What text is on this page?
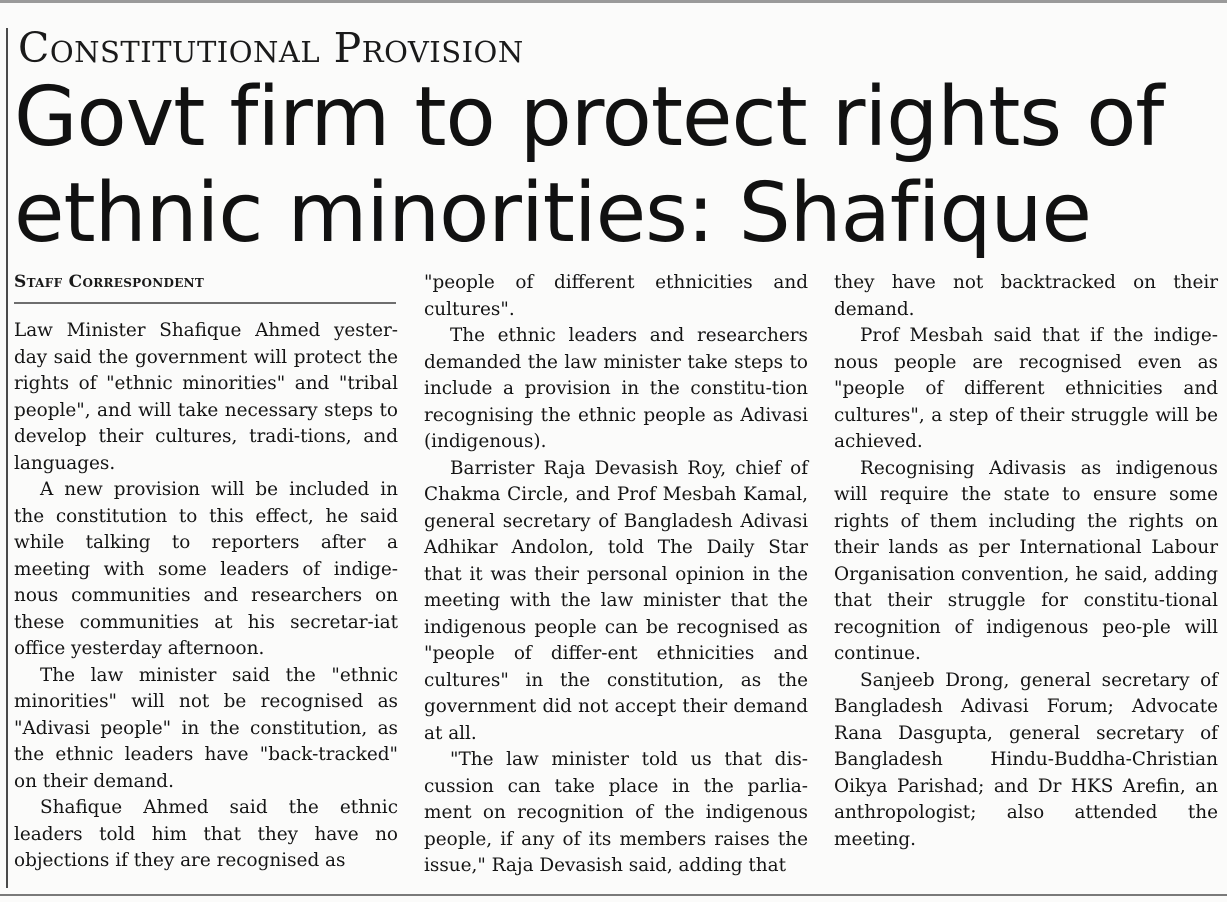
Constitutional Provision
Govt firm to protect rights of ethnic minorities: Shafique
Staff Correspondent

Law Minister Shafique Ahmed yester-day said the government will protect the rights of "ethnic minorities" and "tribal people", and will take necessary steps to develop their cultures, tradi-tions, and languages.

A new provision will be included in the constitution to this effect, he said while talking to reporters after a meeting with some leaders of indige-nous communities and researchers on these communities at his secretar-iat office yesterday afternoon.

The law minister said the "ethnic minorities" will not be recognised as "Adivasi people" in the constitution, as the ethnic leaders have "back-tracked" on their demand.

Shafique Ahmed said the ethnic leaders told him that they have no objections if they are recognised as

"people of different ethnicities and cultures".

The ethnic leaders and researchers demanded the law minister take steps to include a provision in the constitu-tion recognising the ethnic people as Adivasi (indigenous).

Barrister Raja Devasish Roy, chief of Chakma Circle, and Prof Mesbah Kamal, general secretary of Bangladesh Adivasi Adhikar Andolon, told The Daily Star that it was their personal opinion in the meeting with the law minister that the indigenous people can be recognised as "people of differ-ent ethnicities and cultures" in the constitution, as the government did not accept their demand at all.

"The law minister told us that dis-cussion can take place in the parlia-ment on recognition of the indigenous people, if any of its members raises the issue," Raja Devasish said, adding that

they have not backtracked on their demand.

Prof Mesbah said that if the indige-nous people are recognised even as "people of different ethnicities and cultures", a step of their struggle will be achieved.

Recognising Adivasis as indigenous will require the state to ensure some rights of them including the rights on their lands as per International Labour Organisation convention, he said, adding that their struggle for constitu-tional recognition of indigenous peo-ple will continue.

Sanjeeb Drong, general secretary of Bangladesh Adivasi Forum; Advocate Rana Dasgupta, general secretary of Bangladesh Hindu-Buddha-Christian Oikya Parishad; and Dr HKS Arefin, an anthropologist; also attended the meeting.
